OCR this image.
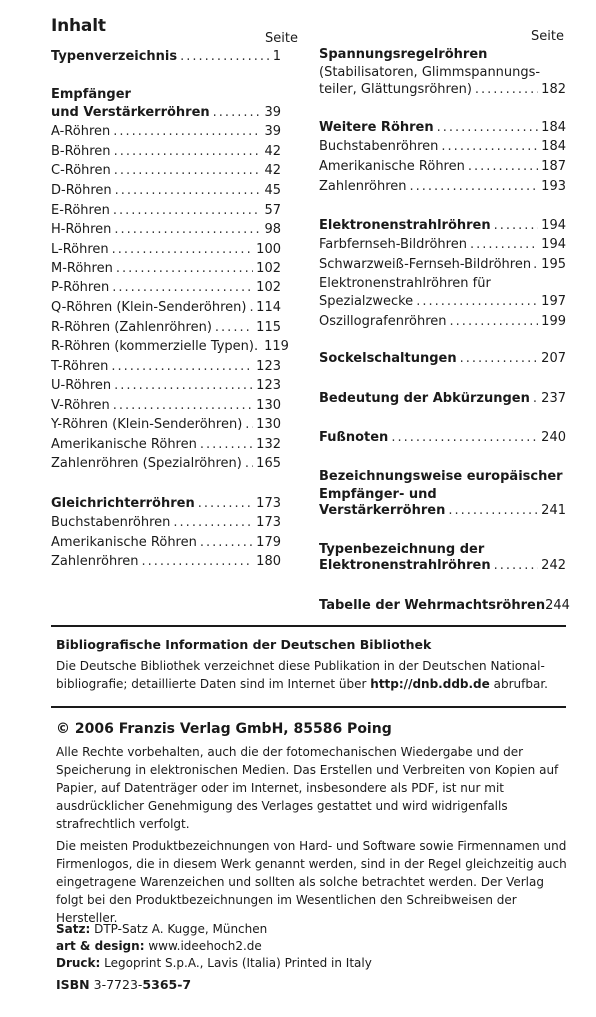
Inhalt
Seite	Seite
Typenverzeichnis .....	1
Empfänger
und Verstärkerröhren .....	39
A-Röhren .....	39
B-Röhren .....	42
C-Röhren .....	42
D-Röhren .....	45
E-Röhren .....	57
H-Röhren .....	98
L-Röhren .....	100
M-Röhren .....	102
P-Röhren .....	102
Q-Röhren (Klein-Senderöhren) ..... 114
R-Röhren (Zahlenröhren) .....	115
R-Röhren (kommerzielle Typen). 119
T-Röhren .....	123
U-Röhren .....	123
V-Röhren .....	130
Y-Röhren (Klein-Senderöhren) ..... 130
Amerikanische Röhren .....	132
Zahlenröhren (Spezialröhren) ..... 165
Gleichrichterröhren .....	173
Buchstabenröhren .....	173
Amerikanische Röhren .....	179
Zahlenröhren .....	180
Spannungsregelröhren
(Stabilisatoren, Glimmspannungs-
teiler, Glättungsröhren) .....	182
Weitere Röhren .....	184
Buchstabenröhren .....	184
Amerikanische Röhren .....	187
Zahlenröhren .....	193
Elektronenstrahlröhren .....	194
Farbfernseh-Bildröhren .....	194
Schwarzweiß-Fernseh-Bildröhren ..... 195
Elektronenstrahlröhren für
Spezialzwecke .....	197
Oszillografenröhren .....	199
Sockelschaltungen .....	207
Bedeutung der Abkürzungen ..... 237
Fußnoten .....	240
Bezeichnungsweise europäischer
Empfänger- und
Verstärkerröhren .....	241
Typenbezeichnung der
Elektronenstrahlröhren .....	242
Tabelle der Wehrmachtsröhren 244
Bibliografische Information der Deutschen Bibliothek
Die Deutsche Bibliothek verzeichnet diese Publikation in der Deutschen National-
bibliografie; detaillierte Daten sind im Internet über http://dnb.ddb.de abrufbar.
© 2006 Franzis Verlag GmbH, 85586 Poing
Alle Rechte vorbehalten, auch die der fotomechanischen Wiedergabe und der Speicherung in elektronischen Medien. Das Erstellen und Verbreiten von Kopien auf Papier, auf Datenträger oder im Internet, insbesondere als PDF, ist nur mit ausdrücklicher Genehmigung des Verlages gestattet und wird widrigenfalls strafrechtlich verfolgt.
Die meisten Produktbezeichnungen von Hard- und Software sowie Firmennamen und Firmenlogos, die in diesem Werk genannt werden, sind in der Regel gleichzeitig auch eingetragene Warenzeichen und sollten als solche betrachtet werden. Der Verlag folgt bei den Produktbezeichnungen im Wesentlichen den Schreibweisen der Hersteller.
Satz: DTP-Satz A. Kugge, München
art & design: www.ideehoch2.de
Druck: Legoprint S.p.A., Lavis (Italia) Printed in Italy
ISBN 3-7723-5365-7
